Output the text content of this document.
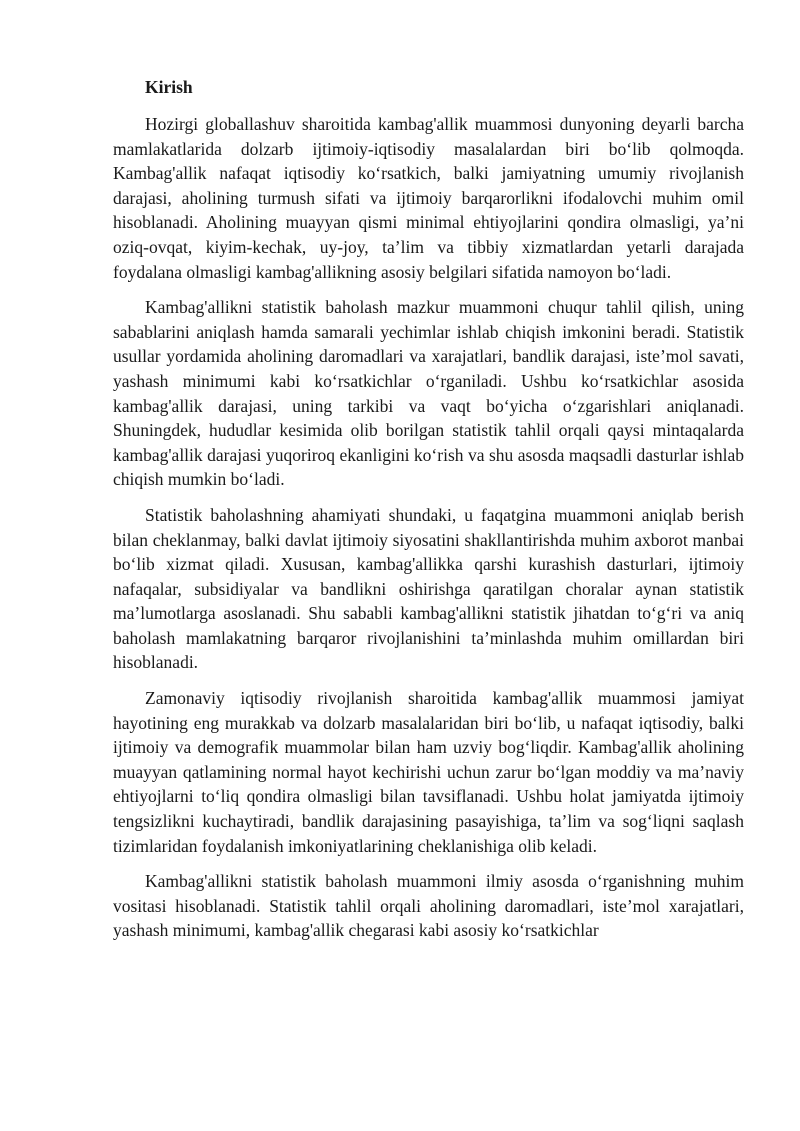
Kirish

Hozirgi globallashuv sharoitida kambag'allik muammosi dunyoning deyarli barcha mamlakatlarida dolzarb ijtimoiy-iqtisodiy masalalardan biri bo‘lib qolmoqda. Kambag'allik nafaqat iqtisodiy ko‘rsatkich, balki jamiyatning umumiy rivojlanish darajasi, aholining turmush sifati va ijtimoiy barqarorlikni ifodalovchi muhim omil hisoblanadi. Aholining muayyan qismi minimal ehtiyojlarini qondira olmasligi, ya’ni oziq-ovqat, kiyim-kechak, uy-joy, ta’lim va tibbiy xizmatlardan yetarli darajada foydalana olmasligi kambag'allikning asosiy belgilari sifatida namoyon bo‘ladi.

Kambag'allikni statistik baholash mazkur muammoni chuqur tahlil qilish, uning sabablarini aniqlash hamda samarali yechimlar ishlab chiqish imkonini beradi. Statistik usullar yordamida aholining daromadlari va xarajatlari, bandlik darajasi, iste’mol savati, yashash minimumi kabi ko‘rsatkichlar o‘rganiladi. Ushbu ko‘rsatkichlar asosida kambag'allik darajasi, uning tarkibi va vaqt bo‘yicha o‘zgarishlari aniqlanadi. Shuningdek, hududlar kesimida olib borilgan statistik tahlil orqali qaysi mintaqalarda kambag'allik darajasi yuqoriroq ekanligini ko‘rish va shu asosda maqsadli dasturlar ishlab chiqish mumkin bo‘ladi.

Statistik baholashning ahamiyati shundaki, u faqatgina muammoni aniqlab berish bilan cheklanmay, balki davlat ijtimoiy siyosatini shakllantirishda muhim axborot manbai bo‘lib xizmat qiladi. Xususan, kambag'allikka qarshi kurashish dasturlari, ijtimoiy nafaqalar, subsidiyalar va bandlikni oshirishga qaratilgan choralar aynan statistik ma’lumotlarga asoslanadi. Shu sababli kambag'allikni statistik jihatdan to‘g‘ri va aniq baholash mamlakatning barqaror rivojlanishini ta’minlashda muhim omillardan biri hisoblanadi.

Zamonaviy iqtisodiy rivojlanish sharoitida kambag'allik muammosi jamiyat hayotining eng murakkab va dolzarb masalalaridan biri bo‘lib, u nafaqat iqtisodiy, balki ijtimoiy va demografik muammolar bilan ham uzviy bog‘liqdir. Kambag'allik aholining muayyan qatlamining normal hayot kechirishi uchun zarur bo‘lgan moddiy va ma’naviy ehtiyojlarni to‘liq qondira olmasligi bilan tavsiflanadi. Ushbu holat jamiyatda ijtimoiy tengsizlikni kuchaytiradi, bandlik darajasining pasayishiga, ta’lim va sog‘liqni saqlash tizimlaridan foydalanish imkoniyatlarining cheklanishiga olib keladi.

Kambag'allikni statistik baholash muammoni ilmiy asosda o‘rganishning muhim vositasi hisoblanadi. Statistik tahlil orqali aholining daromadlari, iste’mol xarajatlari, yashash minimumi, kambag'allik chegarasi kabi asosiy ko‘rsatkichlar
